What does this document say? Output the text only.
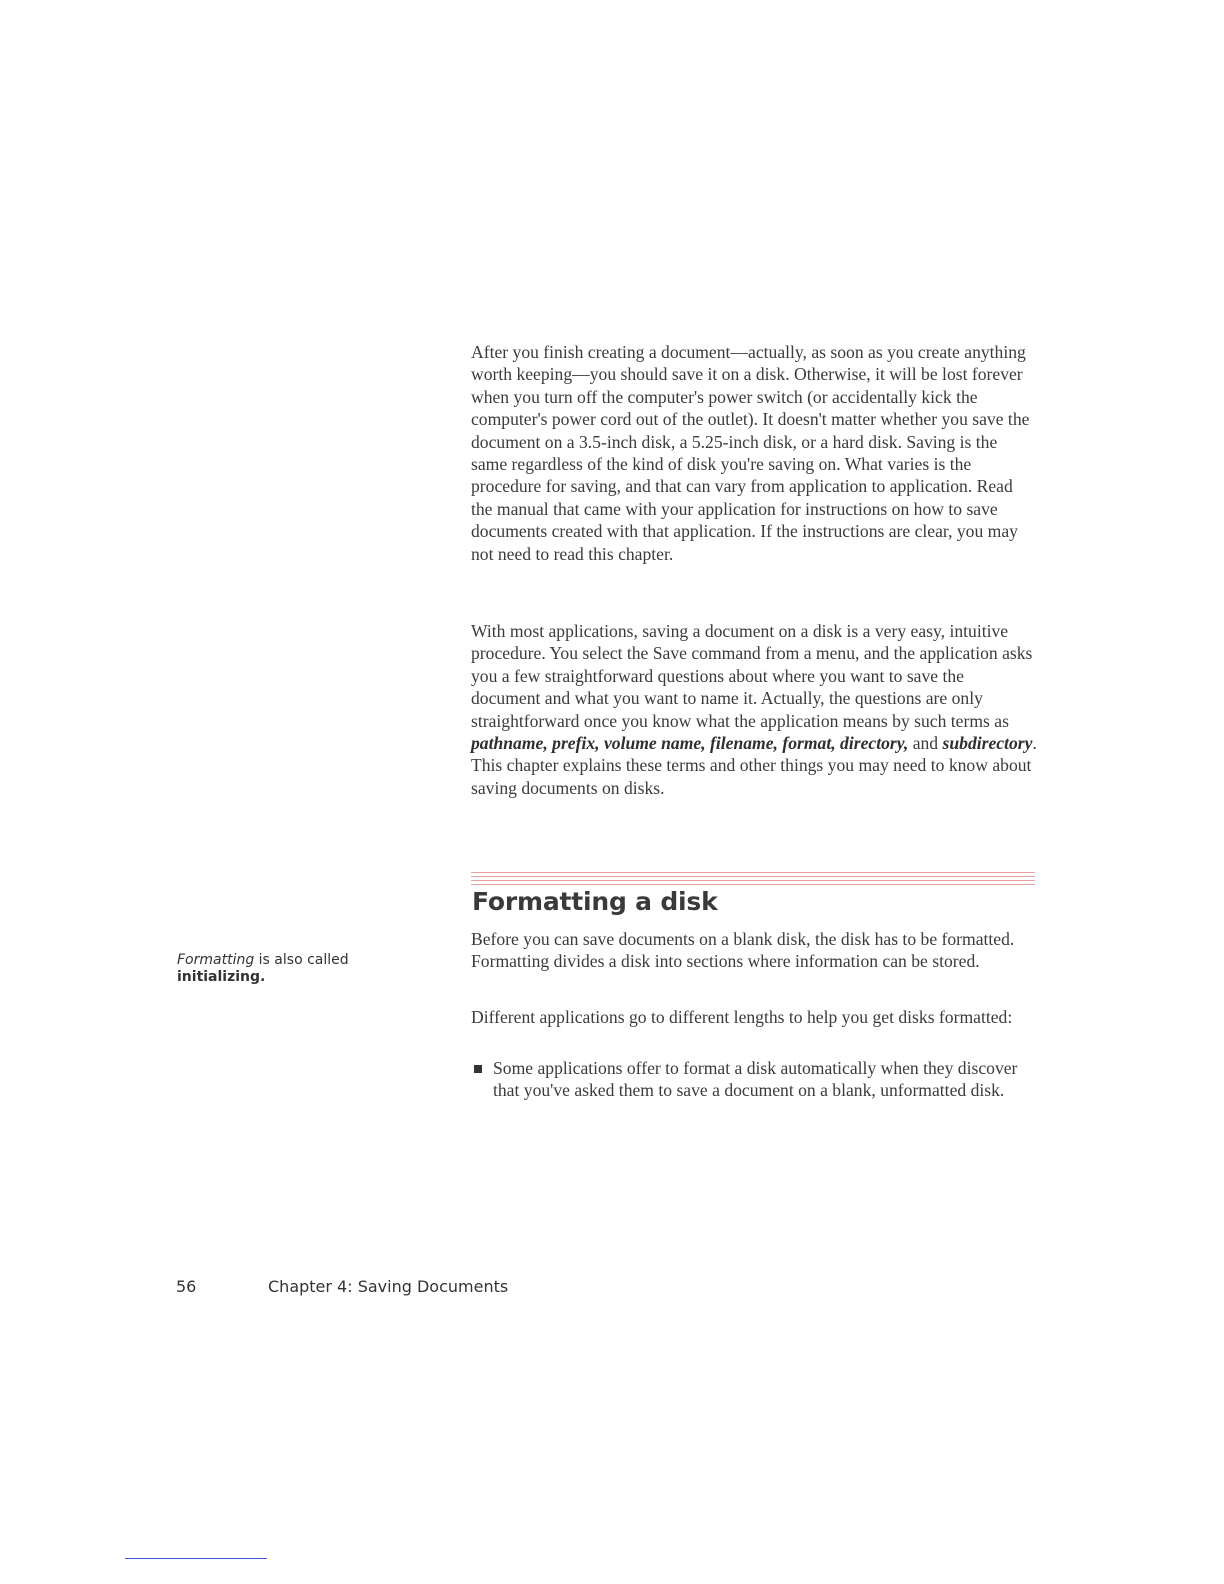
After you finish creating a document—actually, as soon as you create anything worth keeping—you should save it on a disk. Otherwise, it will be lost forever when you turn off the computer's power switch (or accidentally kick the computer's power cord out of the outlet). It doesn't matter whether you save the document on a 3.5-inch disk, a 5.25-inch disk, or a hard disk. Saving is the same regardless of the kind of disk you're saving on. What varies is the procedure for saving, and that can vary from application to application. Read the manual that came with your application for instructions on how to save documents created with that application. If the instructions are clear, you may not need to read this chapter.

With most applications, saving a document on a disk is a very easy, intuitive procedure. You select the Save command from a menu, and the application asks you a few straightforward questions about where you want to save the document and what you want to name it. Actually, the questions are only straightforward once you know what the application means by such terms as pathname, prefix, volume name, filename, format, directory, and subdirectory. This chapter explains these terms and other things you may need to know about saving documents on disks.

Formatting a disk

Before you can save documents on a blank disk, the disk has to be formatted. Formatting divides a disk into sections where information can be stored.

Different applications go to different lengths to help you get disks formatted:

Some applications offer to format a disk automatically when they discover that you've asked them to save a document on a blank, unformatted disk.
Formatting is also called
initializing.
56	Chapter 4: Saving Documents
